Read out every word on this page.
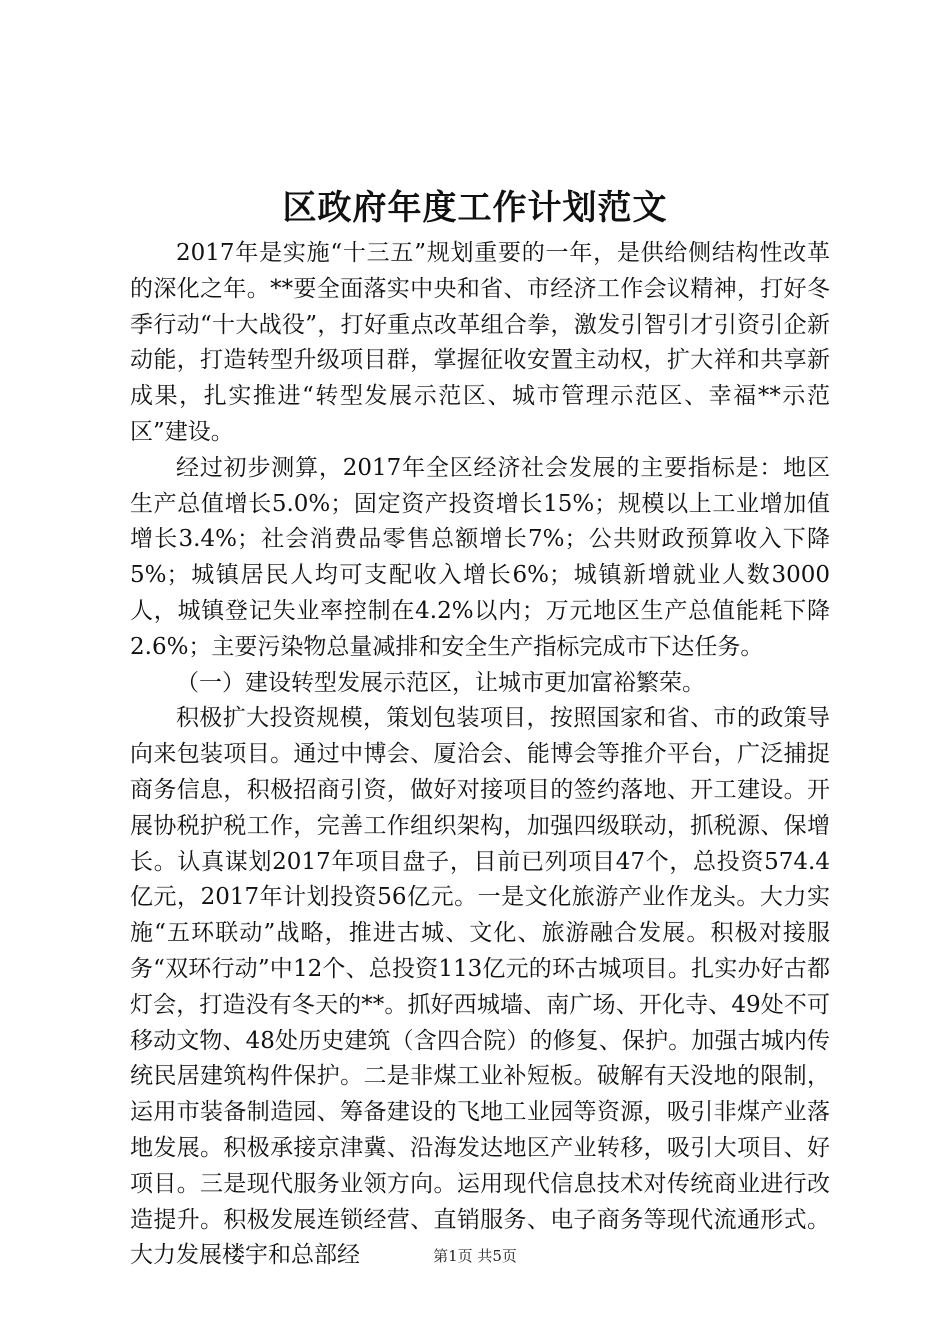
区政府年度工作计划范文

2017年是实施“十三五”规划重要的一年，是供给侧结构性改革的深化之年。**要全面落实中央和省、市经济工作会议精神，打好冬季行动“十大战役”，打好重点改革组合拳，激发引智引才引资引企新动能，打造转型升级项目群，掌握征收安置主动权，扩大祥和共享新成果，扎实推进“转型发展示范区、城市管理示范区、幸福**示范区”建设。

经过初步测算，2017年全区经济社会发展的主要指标是：地区生产总值增长5.0%；固定资产投资增长15%；规模以上工业增加值增长3.4%；社会消费品零售总额增长7%；公共财政预算收入下降5%；城镇居民人均可支配收入增长6%；城镇新增就业人数3000人，城镇登记失业率控制在4.2%以内；万元地区生产总值能耗下降2.6%；主要污染物总量减排和安全生产指标完成市下达任务。

（一）建设转型发展示范区，让城市更加富裕繁荣。

积极扩大投资规模，策划包装项目，按照国家和省、市的政策导向来包装项目。通过中博会、厦洽会、能博会等推介平台，广泛捕捉商务信息，积极招商引资，做好对接项目的签约落地、开工建设。开展协税护税工作，完善工作组织架构，加强四级联动，抓税源、保增长。认真谋划2017年项目盘子，目前已列项目47个，总投资574.4亿元，2017年计划投资56亿元。一是文化旅游产业作龙头。大力实施“五环联动”战略，推进古城、文化、旅游融合发展。积极对接服务“双环行动”中12个、总投资113亿元的环古城项目。扎实办好古都灯会，打造没有冬天的**。抓好西城墙、南广场、开化寺、49处不可移动文物、48处历史建筑（含四合院）的修复、保护。加强古城内传统民居建筑构件保护。二是非煤工业补短板。破解有天没地的限制，运用市装备制造园、筹备建设的飞地工业园等资源，吸引非煤产业落地发展。积极承接京津冀、沿海发达地区产业转移，吸引大项目、好项目。三是现代服务业领方向。运用现代信息技术对传统商业进行改造提升。积极发展连锁经营、直销服务、电子商务等现代流通形式。大力发展楼宇和总部经	第1页 共5页
